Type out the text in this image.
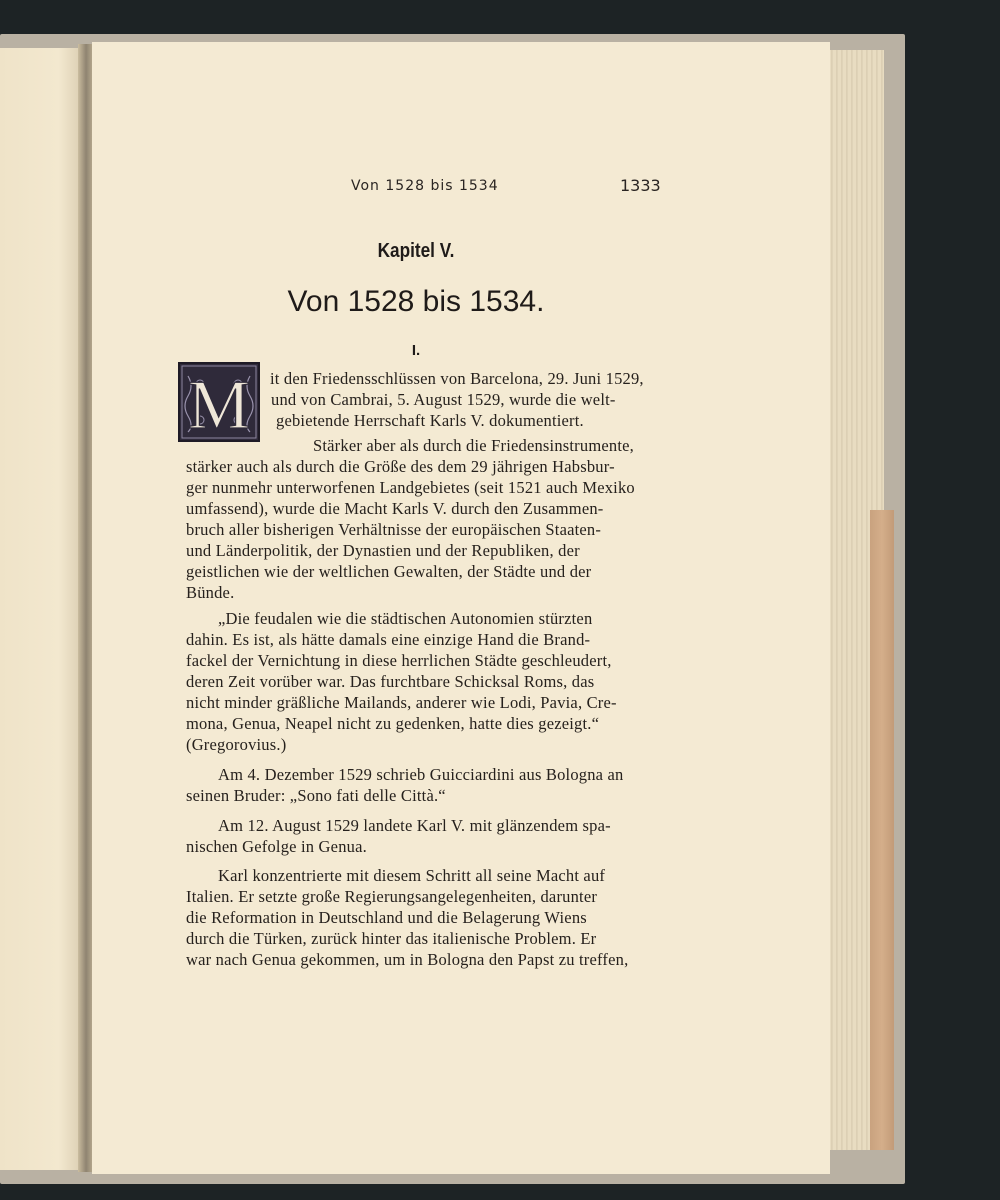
Von 1528 bis 1534	1333
Kapitel V.
Von 1528 bis 1534.
I.
M it den Friedensschlüssen von Barcelona, 29. Juni 1529,
und von Cambrai, 5. August 1529, wurde die welt-
gebietende Herrschaft Karls V. dokumentiert.
Stärker aber als durch die Friedensinstrumente,
stärker auch als durch die Größe des dem 29 jährigen Habsbur-
ger nunmehr unterworfenen Landgebietes (seit 1521 auch Mexiko
umfassend), wurde die Macht Karls V. durch den Zusammen-
bruch aller bisherigen Verhältnisse der europäischen Staaten-
und Länderpolitik, der Dynastien und der Republiken, der
geistlichen wie der weltlichen Gewalten, der Städte und der
Bünde.
„Die feudalen wie die städtischen Autonomien stürzten
dahin. Es ist, als hätte damals eine einzige Hand die Brand-
fackel der Vernichtung in diese herrlichen Städte geschleudert,
deren Zeit vorüber war. Das furchtbare Schicksal Roms, das
nicht minder gräßliche Mailands, anderer wie Lodi, Pavia, Cre-
mona, Genua, Neapel nicht zu gedenken, hatte dies gezeigt.“
(Gregorovius.)
Am 4. Dezember 1529 schrieb Guicciardini aus Bologna an
seinen Bruder: „Sono fati delle Città.“
Am 12. August 1529 landete Karl V. mit glänzendem spa-
nischen Gefolge in Genua.
Karl konzentrierte mit diesem Schritt all seine Macht auf
Italien. Er setzte große Regierungsangelegenheiten, darunter
die Reformation in Deutschland und die Belagerung Wiens
durch die Türken, zurück hinter das italienische Problem. Er
war nach Genua gekommen, um in Bologna den Papst zu treffen,
